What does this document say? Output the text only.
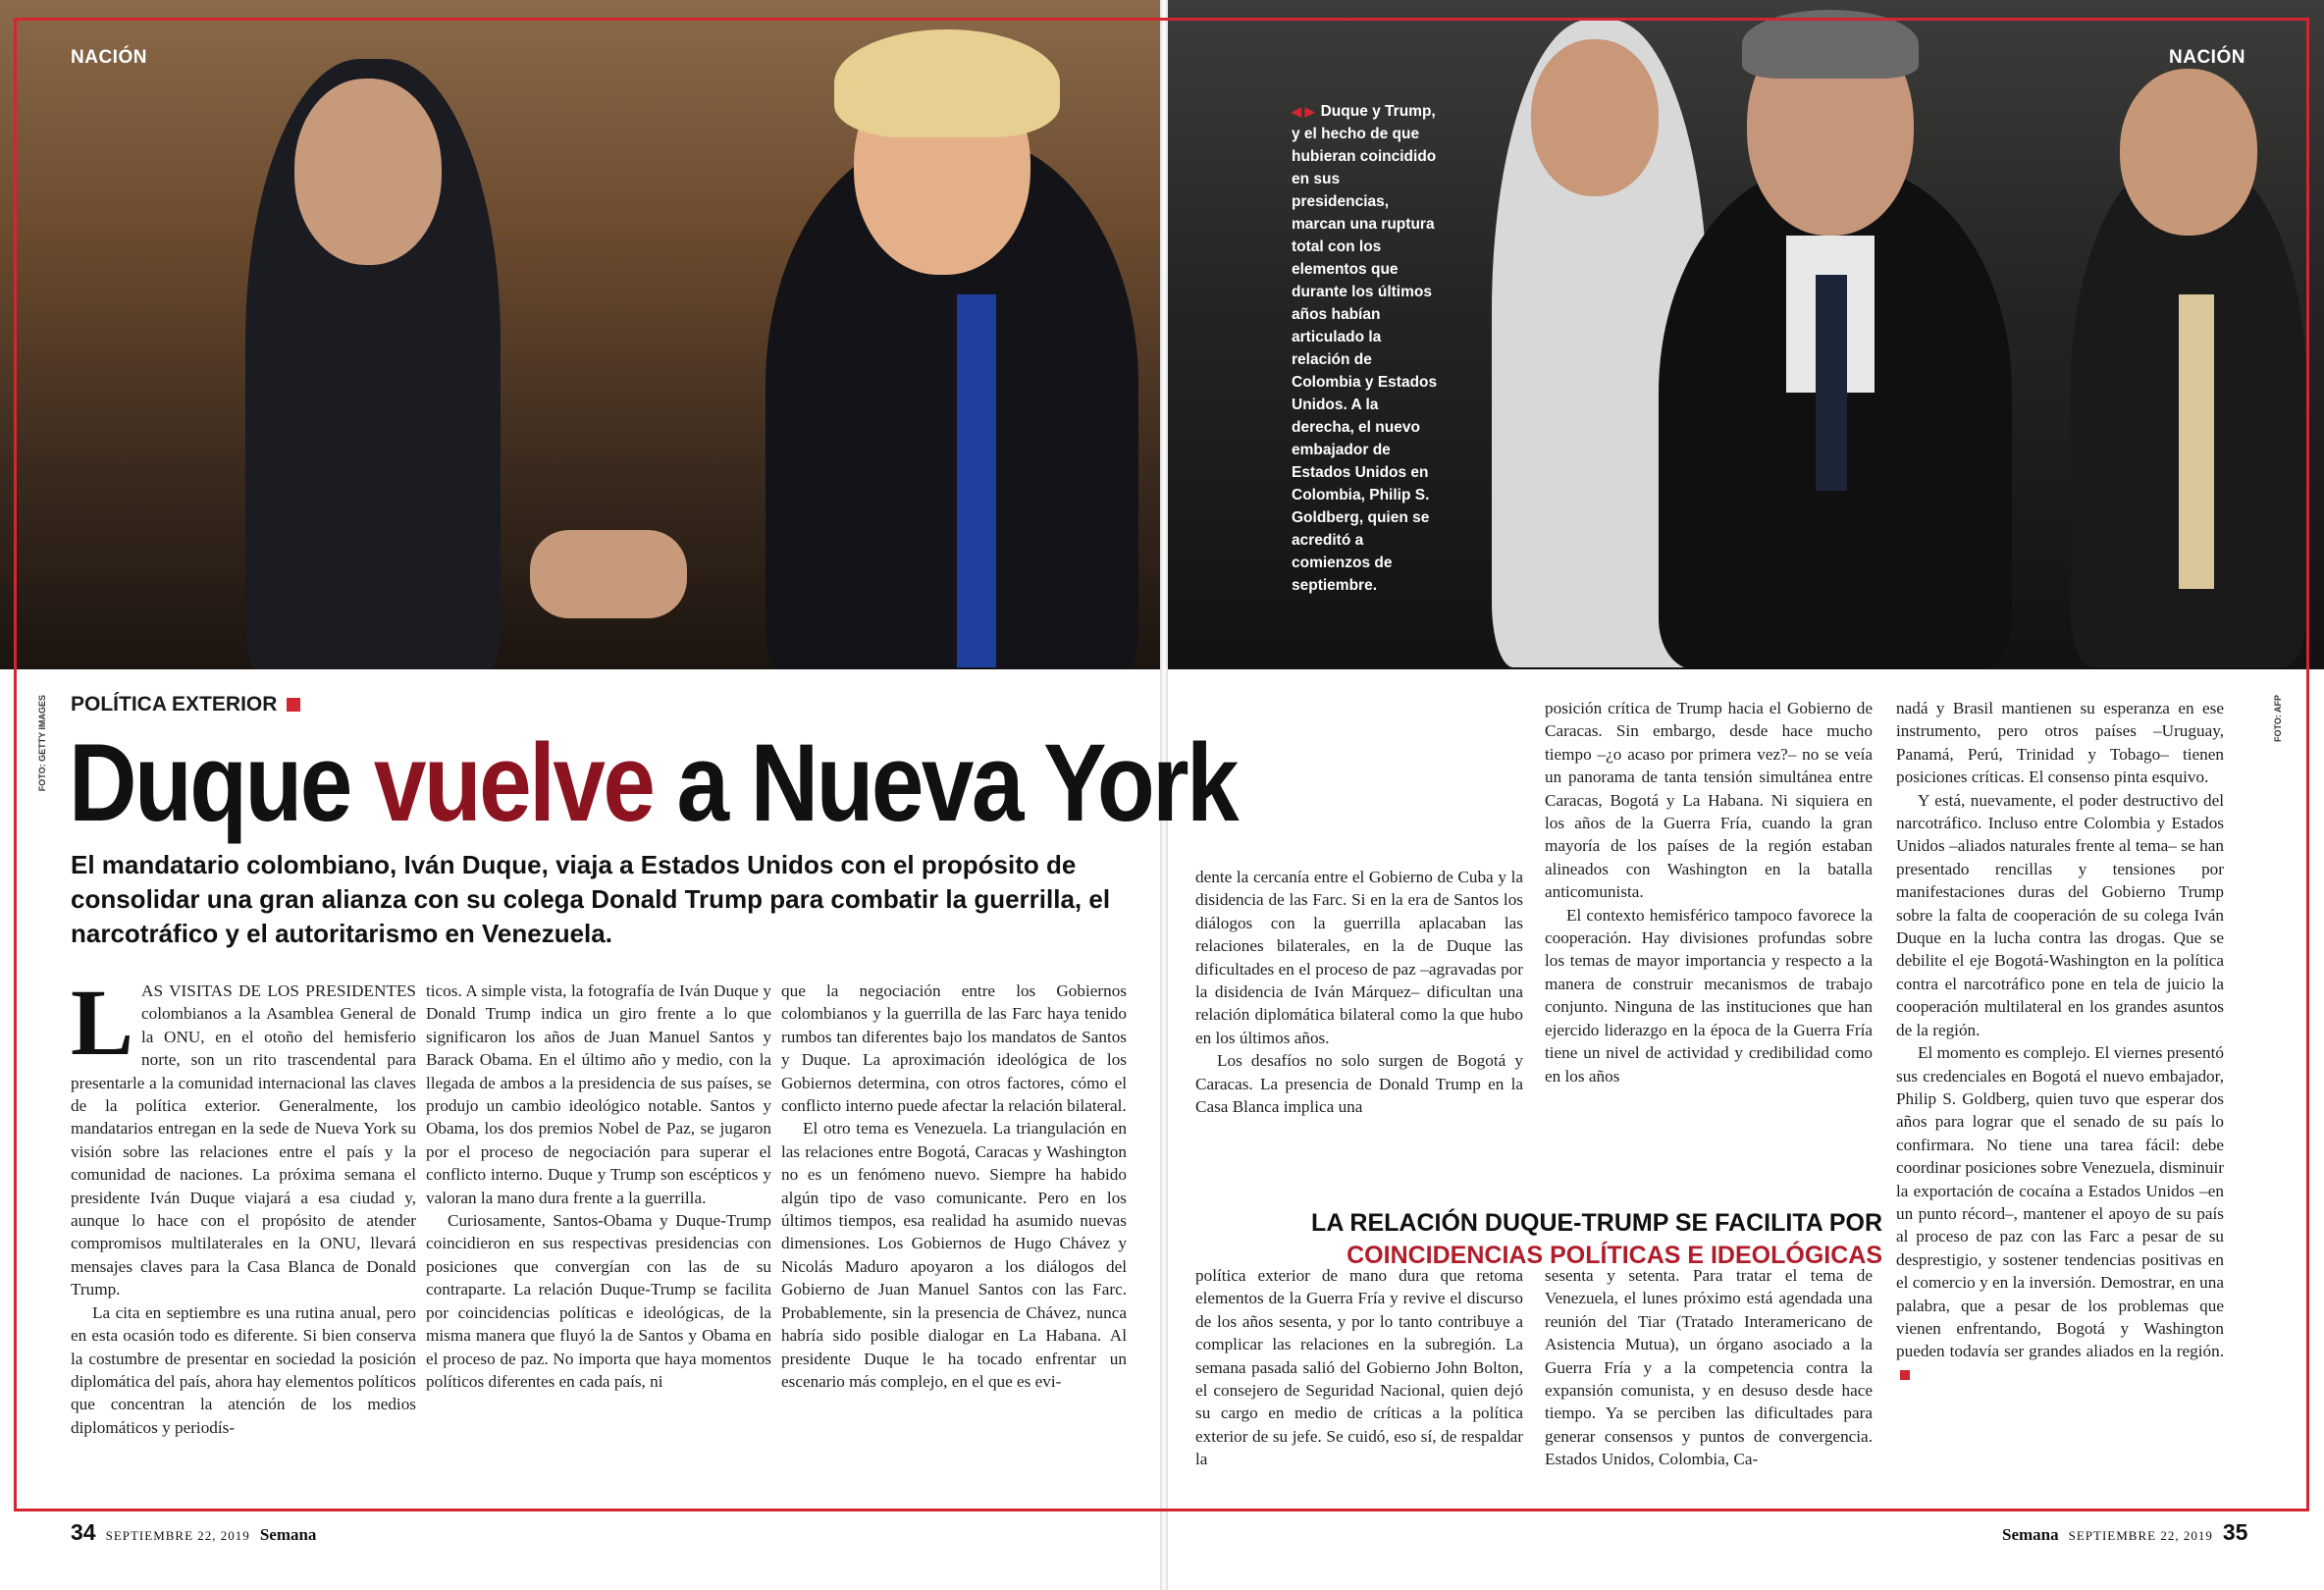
NACIÓN	NACIÓN
◀ ▶ Duque y Trump, y el hecho de que hubieran coincidido en sus presidencias, marcan una ruptura total con los elementos que durante los últimos años habían articulado la relación de Colombia y Estados Unidos. A la derecha, el nuevo embajador de Estados Unidos en Colombia, Philip S. Goldberg, quien se acreditó a comienzos de septiembre.
FOTO: GETTY IMAGES	FOTO: AFP
POLÍTICA EXTERIOR
Duque vuelve a Nueva York
El mandatario colombiano, Iván Duque, viaja a Estados Unidos con el propósito de consolidar una gran alianza con su colega Donald Trump para combatir la guerrilla, el narcotráfico y el autoritarismo en Venezuela.

LAS VISITAS DE LOS PRESIDENTES colombianos a la Asamblea General de la ONU, en el otoño del hemisferio norte, son un rito trascendental para presentarle a la comunidad internacional las claves de la política exterior. Generalmente, los mandatarios entregan en la sede de Nueva York su visión sobre las relaciones entre el país y la comunidad de naciones. La próxima semana el presidente Iván Duque viajará a esa ciudad y, aunque lo hace con el propósito de atender compromisos multilaterales en la ONU, llevará mensajes claves para la Casa Blanca de Donald Trump.

La cita en septiembre es una rutina anual, pero en esta ocasión todo es diferente. Si bien conserva la costumbre de presentar en sociedad la posición diplomática del país, ahora hay elementos políticos que concentran la atención de los medios diplomáticos y periodís-

ticos. A simple vista, la fotografía de Iván Duque y Donald Trump indica un giro frente a lo que significaron los años de Juan Manuel Santos y Barack Obama. En el último año y medio, con la llegada de ambos a la presidencia de sus países, se produjo un cambio ideológico notable. Santos y Obama, los dos premios Nobel de Paz, se jugaron por el proceso de negociación para superar el conflicto interno. Duque y Trump son escépticos y valoran la mano dura frente a la guerrilla.

Curiosamente, Santos-Obama y Duque-Trump coincidieron en sus respectivas presidencias con posiciones que convergían con las de su contraparte. La relación Duque-Trump se facilita por coincidencias políticas e ideológicas, de la misma manera que fluyó la de Santos y Obama en el proceso de paz. No importa que haya momentos políticos diferentes en cada país, ni

que la negociación entre los Gobiernos colombianos y la guerrilla de las Farc haya tenido rumbos tan diferentes bajo los mandatos de Santos y Duque. La aproximación ideológica de los Gobiernos determina, con otros factores, cómo el conflicto interno puede afectar la relación bilateral.

El otro tema es Venezuela. La triangulación en las relaciones entre Bogotá, Caracas y Washington no es un fenómeno nuevo. Siempre ha habido algún tipo de vaso comunicante. Pero en los últimos tiempos, esa realidad ha asumido nuevas dimensiones. Los Gobiernos de Hugo Chávez y Nicolás Maduro apoyaron a los diálogos del Gobierno de Juan Manuel Santos con las Farc. Probablemente, sin la presencia de Chávez, nunca habría sido posible dialogar en La Habana. Al presidente Duque le ha tocado enfrentar un escenario más complejo, en el que es evi-

dente la cercanía entre el Gobierno de Cuba y la disidencia de las Farc. Si en la era de Santos los diálogos con la guerrilla aplacaban las relaciones bilaterales, en la de Duque las dificultades en el proceso de paz –agravadas por la disidencia de Iván Márquez– dificultan una relación diplomática bilateral como la que hubo en los últimos años.

Los desafíos no solo surgen de Bogotá y Caracas. La presencia de Donald Trump en la Casa Blanca implica una

política exterior de mano dura que retoma elementos de la Guerra Fría y revive el discurso de los años sesenta, y por lo tanto contribuye a complicar las relaciones en la subregión. La semana pasada salió del Gobierno John Bolton, el consejero de Seguridad Nacional, quien dejó su cargo en medio de críticas a la política exterior de su jefe. Se cuidó, eso sí, de respaldar la

posición crítica de Trump hacia el Gobierno de Caracas. Sin embargo, desde hace mucho tiempo –¿o acaso por primera vez?– no se veía un panorama de tanta tensión simultánea entre Caracas, Bogotá y La Habana. Ni siquiera en los años de la Guerra Fría, cuando la gran mayoría de los países de la región estaban alineados con Washington en la batalla anticomunista.

El contexto hemisférico tampoco favorece la cooperación. Hay divisiones profundas sobre los temas de mayor importancia y respecto a la manera de construir mecanismos de trabajo conjunto. Ninguna de las instituciones que han ejercido liderazgo en la época de la Guerra Fría tiene un nivel de actividad y credibilidad como en los años

sesenta y setenta. Para tratar el tema de Venezuela, el lunes próximo está agendada una reunión del Tiar (Tratado Interamericano de Asistencia Mutua), un órgano asociado a la Guerra Fría y a la competencia contra la expansión comunista, y en desuso desde hace tiempo. Ya se perciben las dificultades para generar consensos y puntos de convergencia. Estados Unidos, Colombia, Ca-

nadá y Brasil mantienen su esperanza en ese instrumento, pero otros países –Uruguay, Panamá, Perú, Trinidad y Tobago– tienen posiciones críticas. El consenso pinta esquivo.

Y está, nuevamente, el poder destructivo del narcotráfico. Incluso entre Colombia y Estados Unidos –aliados naturales frente al tema– se han presentado rencillas y tensiones por manifestaciones duras del Gobierno Trump sobre la falta de cooperación de su colega Iván Duque en la lucha contra las drogas. Que se debilite el eje Bogotá-Washington en la política contra el narcotráfico pone en tela de juicio la cooperación multilateral en los grandes asuntos de la región.

El momento es complejo. El viernes presentó sus credenciales en Bogotá el nuevo embajador, Philip S. Goldberg, quien tuvo que esperar dos años para lograr que el senado de su país lo confirmara. No tiene una tarea fácil: debe coordinar posiciones sobre Venezuela, disminuir la exportación de cocaína a Estados Unidos –en un punto récord–, mantener el apoyo de su país al proceso de paz con las Farc a pesar de su desprestigio, y sostener tendencias positivas en el comercio y en la inversión. Demostrar, en una palabra, que a pesar de los problemas que vienen enfrentando, Bogotá y Washington pueden todavía ser grandes aliados en la región.

LA RELACIÓN DUQUE-TRUMP SE FACILITA POR
COINCIDENCIAS POLÍTICAS E IDEOLÓGICAS
34 SEPTIEMBRE 22, 2019 Semana	Semana SEPTIEMBRE 22, 2019 35
